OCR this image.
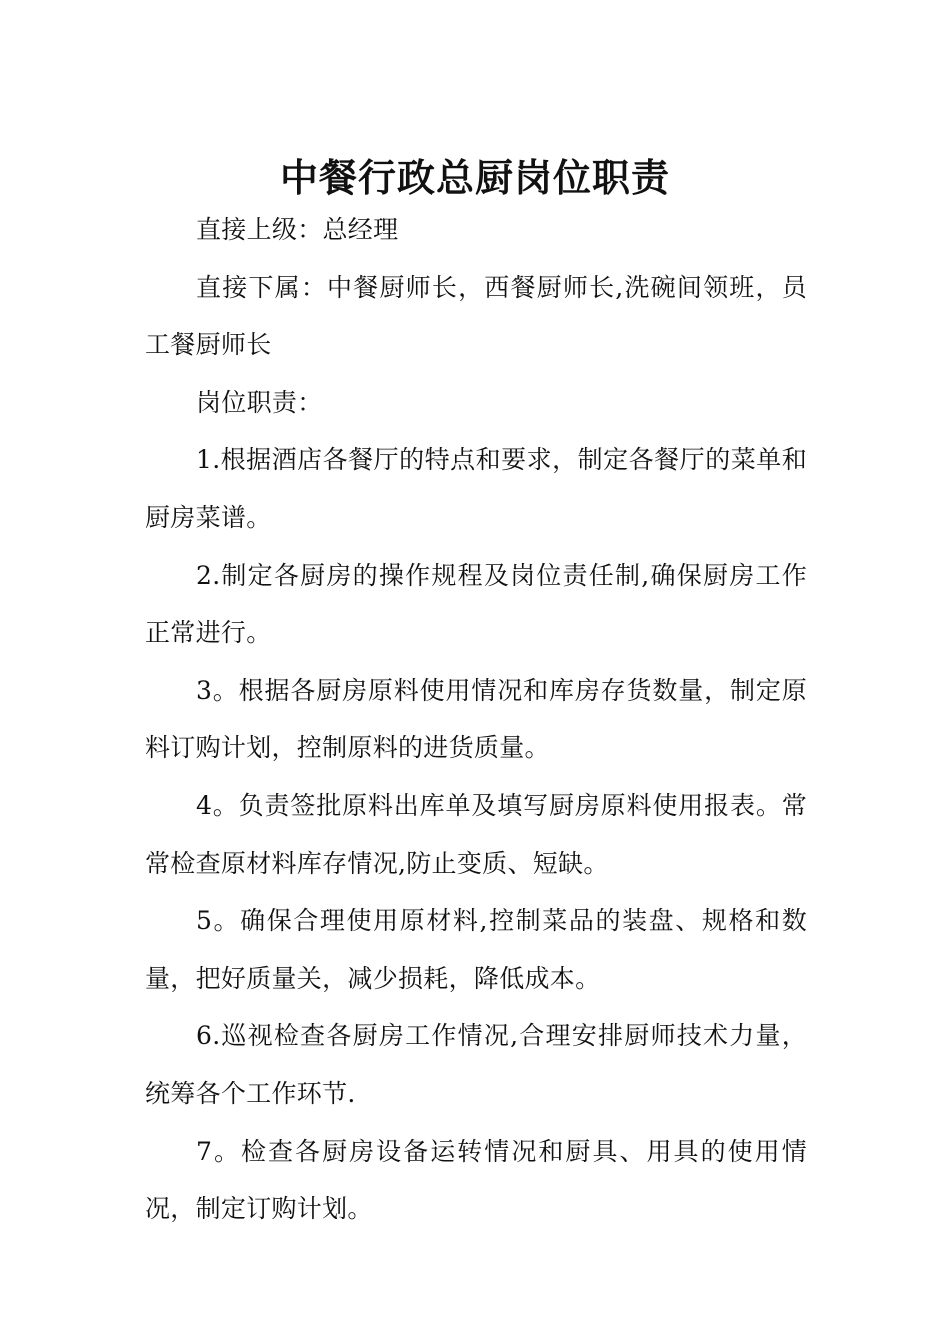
中餐行政总厨岗位职责

直接上级：总经理

直接下属：中餐厨师长，西餐厨师长,洗碗间领班，员工餐厨师长

岗位职责：

1.根据酒店各餐厅的特点和要求，制定各餐厅的菜单和厨房菜谱。

2.制定各厨房的操作规程及岗位责任制,确保厨房工作正常进行。

3。根据各厨房原料使用情况和库房存货数量，制定原料订购计划，控制原料的进货质量。

4。负责签批原料出库单及填写厨房原料使用报表。常常检查原材料库存情况,防止变质、短缺。

5。确保合理使用原材料,控制菜品的装盘、规格和数量，把好质量关，减少损耗，降低成本。

6.巡视检查各厨房工作情况,合理安排厨师技术力量，统筹各个工作环节.

7。检查各厨房设备运转情况和厨具、用具的使用情况，制定订购计划。
